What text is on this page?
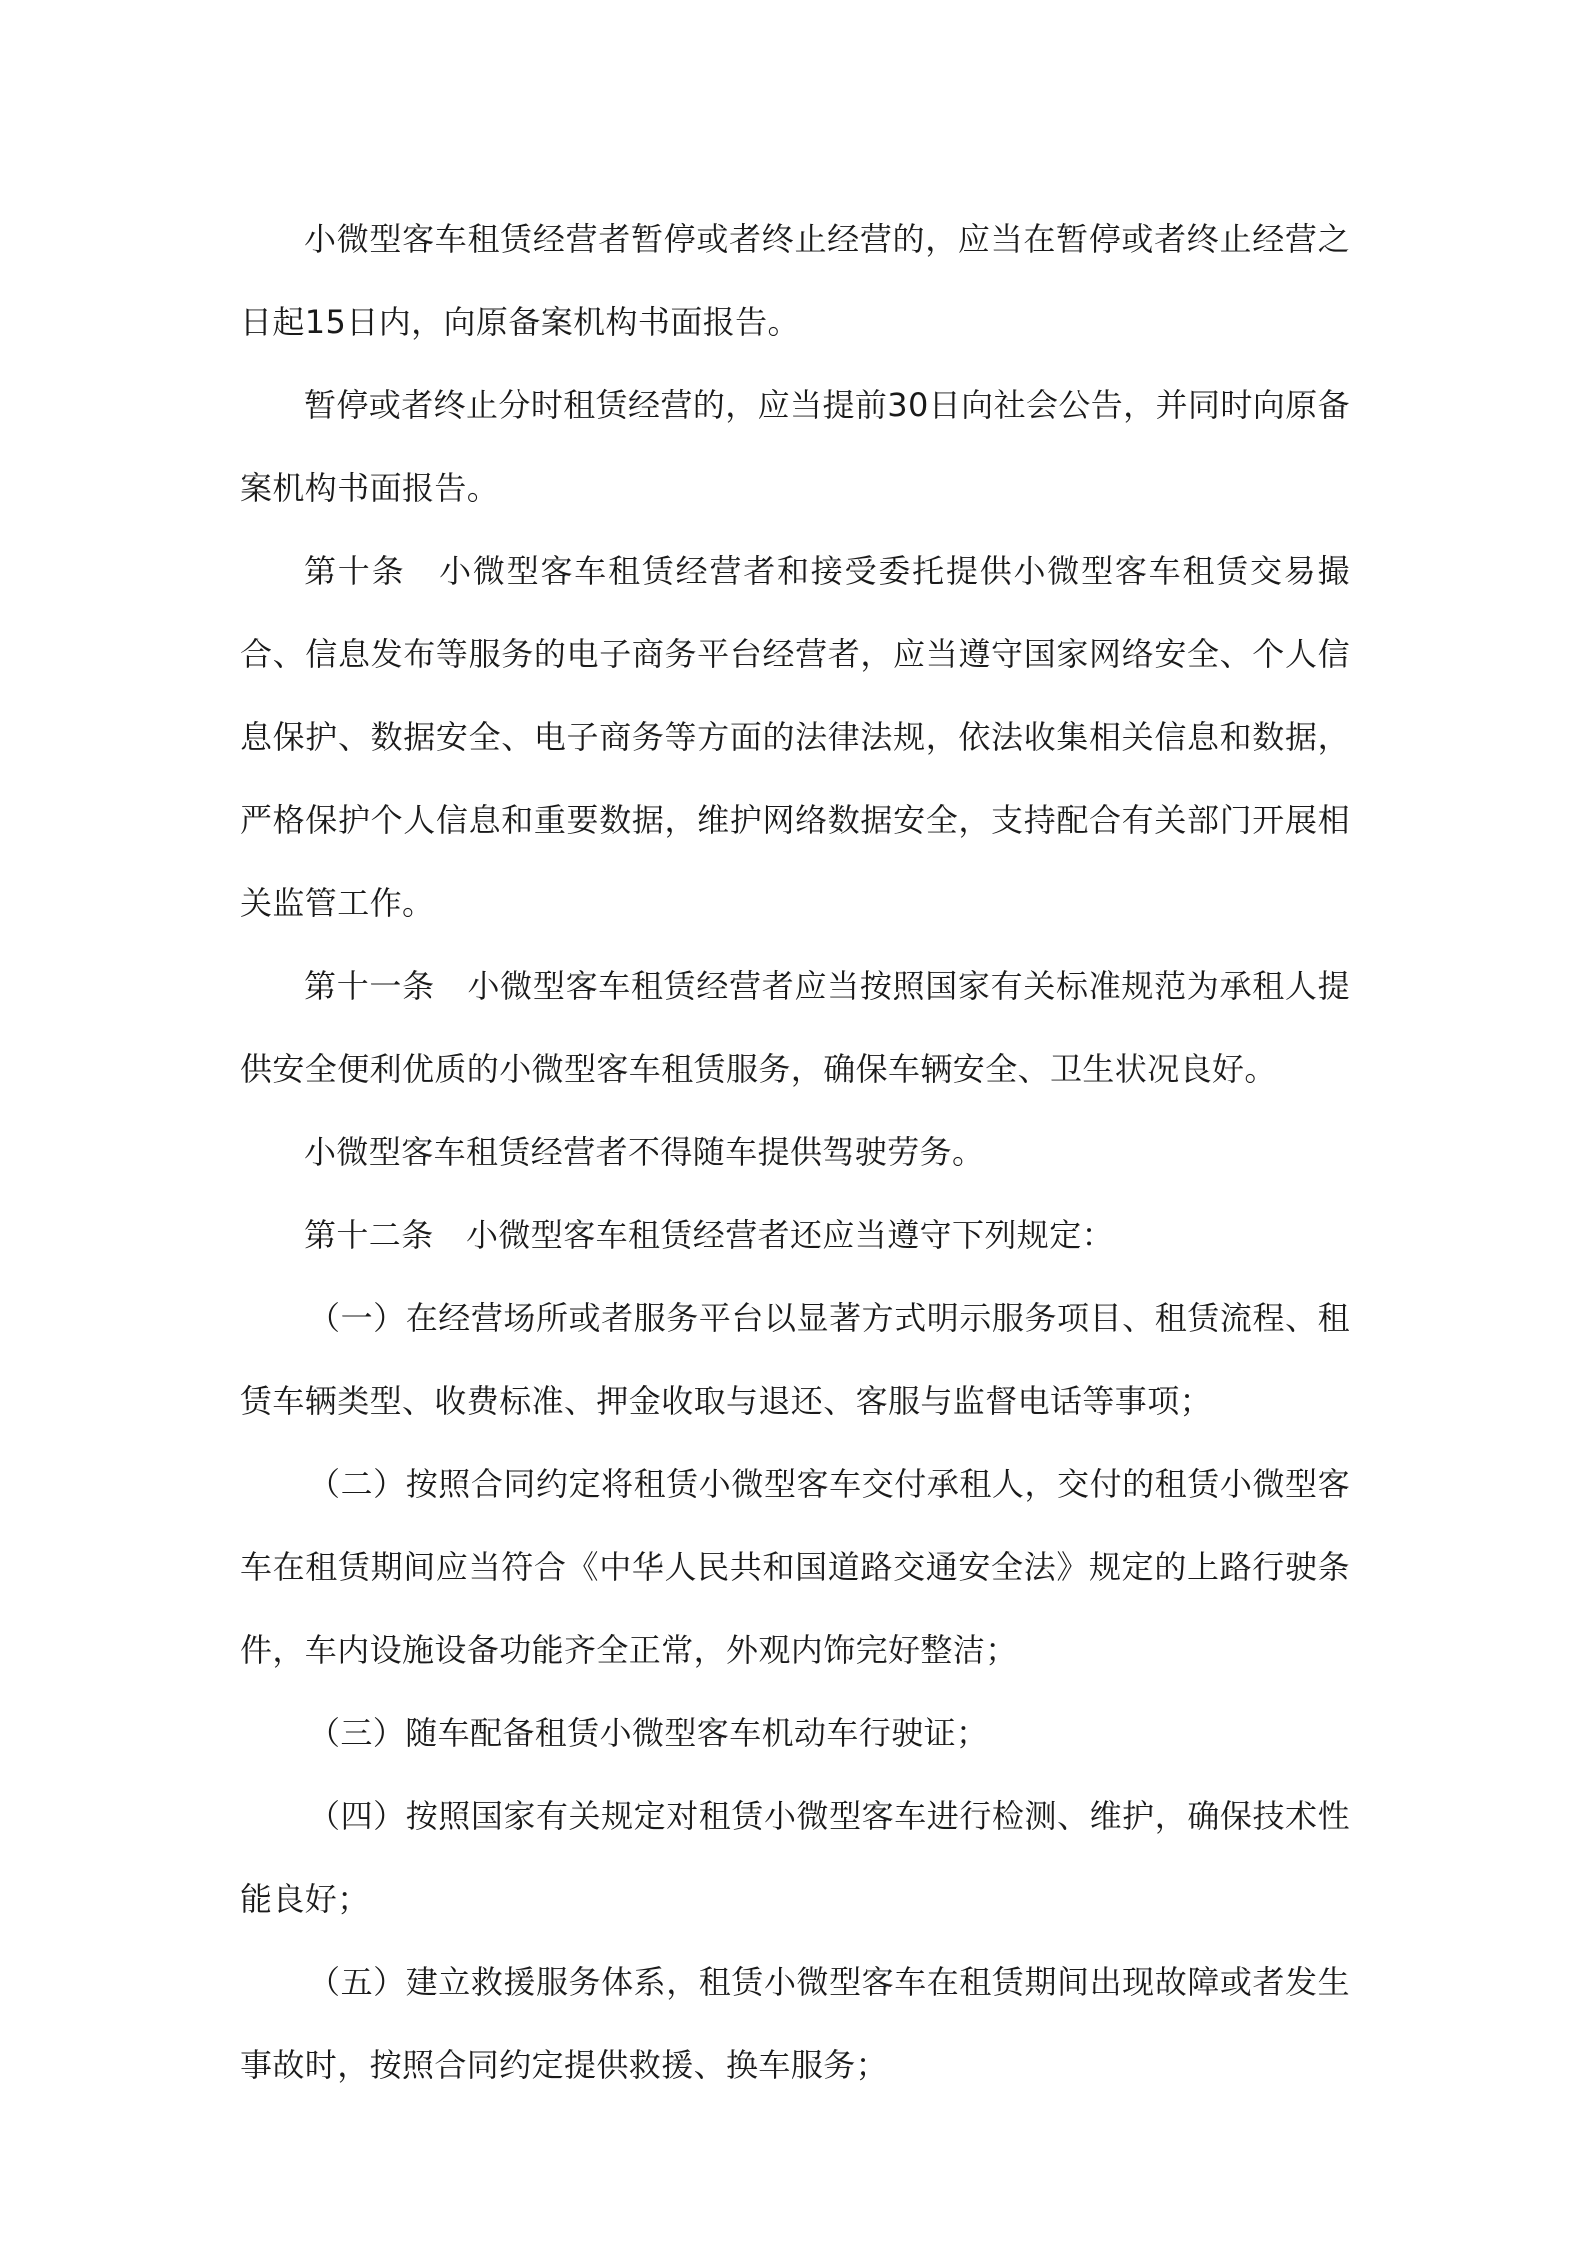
小微型客车租赁经营者暂停或者终止经营的，应当在暂停或者终止经营之日起15日内，向原备案机构书面报告。

暂停或者终止分时租赁经营的，应当提前30日向社会公告，并同时向原备案机构书面报告。

第十条　小微型客车租赁经营者和接受委托提供小微型客车租赁交易撮合、信息发布等服务的电子商务平台经营者，应当遵守国家网络安全、个人信息保护、数据安全、电子商务等方面的法律法规，依法收集相关信息和数据，严格保护个人信息和重要数据，维护网络数据安全，支持配合有关部门开展相关监管工作。

第十一条　小微型客车租赁经营者应当按照国家有关标准规范为承租人提供安全便利优质的小微型客车租赁服务，确保车辆安全、卫生状况良好。

小微型客车租赁经营者不得随车提供驾驶劳务。

第十二条　小微型客车租赁经营者还应当遵守下列规定：

（一）在经营场所或者服务平台以显著方式明示服务项目、租赁流程、租赁车辆类型、收费标准、押金收取与退还、客服与监督电话等事项；

（二）按照合同约定将租赁小微型客车交付承租人，交付的租赁小微型客车在租赁期间应当符合《中华人民共和国道路交通安全法》规定的上路行驶条件，车内设施设备功能齐全正常，外观内饰完好整洁；

（三）随车配备租赁小微型客车机动车行驶证；

（四）按照国家有关规定对租赁小微型客车进行检测、维护，确保技术性能良好；

（五）建立救援服务体系，租赁小微型客车在租赁期间出现故障或者发生事故时，按照合同约定提供救援、换车服务；
